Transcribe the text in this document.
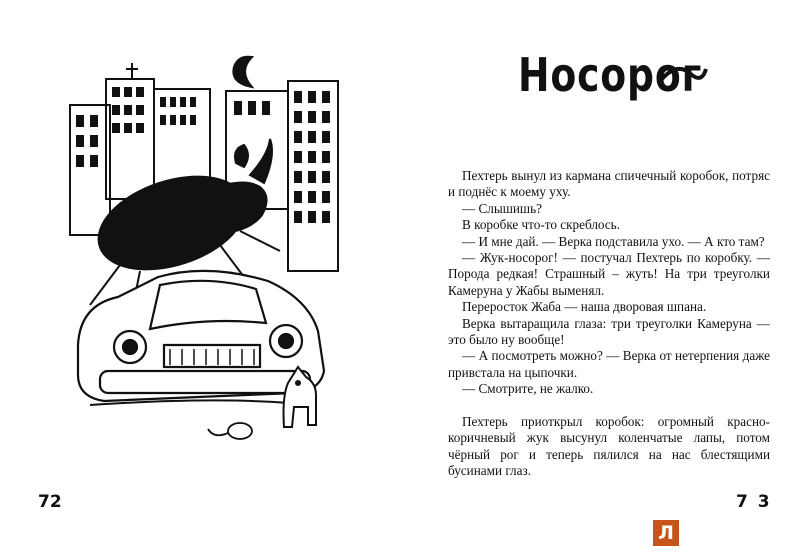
72
Носорог

Пехтерь вынул из кармана спичечный коробок, потряс и поднёс к моему уху.

— Слышишь?

В коробке что-то скреблось.

— И мне дай. — Верка подставила ухо. — А кто там?

— Жук-носорог! — постучал Пехтерь по коробку. — Порода редкая! Страшный – жуть! На три треуголки Камеруна у Жабы выменял.

Переросток Жаба — наша дворовая шпана.

Верка вытаращила глаза: три треуголки Камеруна — это было ну вообще!

— А посмотреть можно? — Верка от нетерпения даже привстала на цыпочки.

— Смотрите, не жалко.

Пехтерь приоткрыл коробок: огромный красно-коричневый жук высунул коленчатые лапы, потом чёрный рог и теперь пялился на нас блестящими бусинами глаз.

7 3
Л
